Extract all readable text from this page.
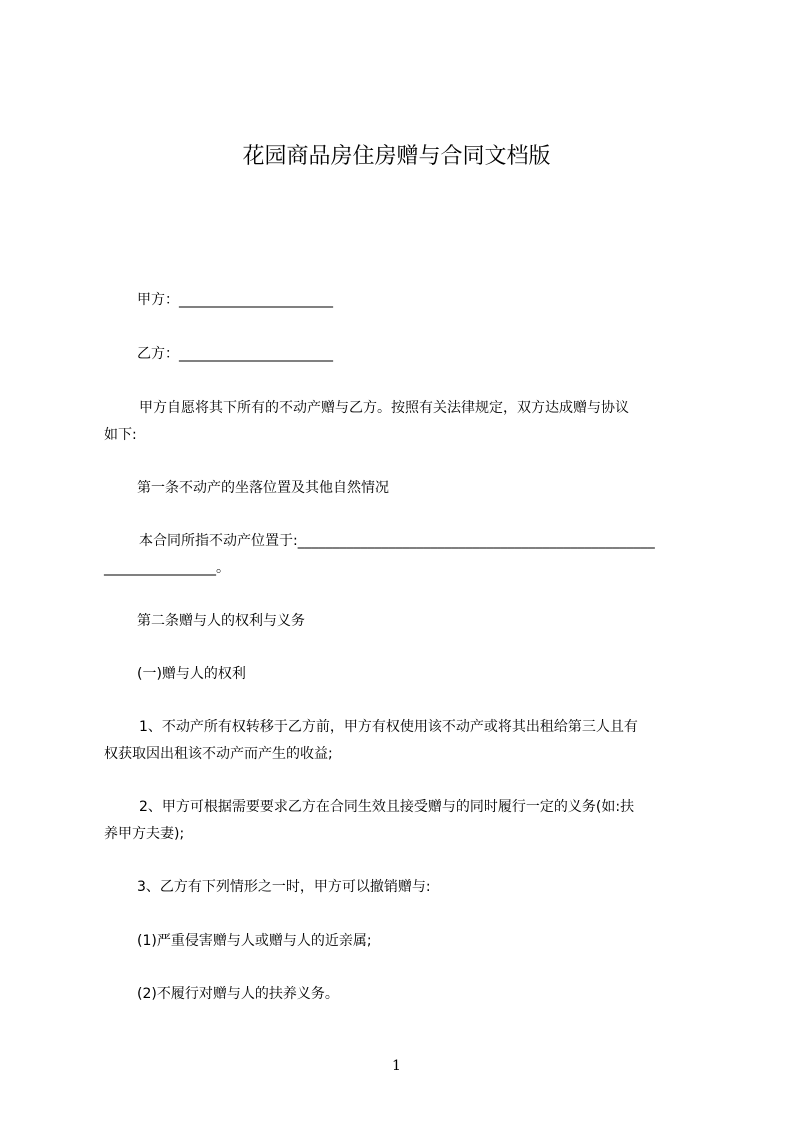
花园商品房住房赠与合同文档版
甲方：______________________
乙方：______________________

甲方自愿将其下所有的不动产赠与乙方。按照有关法律规定，双方达成赠与协议

如下:

第一条不动产的坐落位置及其他自然情况

本合同所指不动产位置于:___________________________________________________

________________。

第二条赠与人的权利与义务
(一)赠与人的权利

1、不动产所有权转移于乙方前，甲方有权使用该不动产或将其出租给第三人且有

权获取因出租该不动产而产生的收益;

2、甲方可根据需要要求乙方在合同生效且接受赠与的同时履行一定的义务(如:扶

养甲方夫妻);

3、乙方有下列情形之一时，甲方可以撤销赠与:
(1)严重侵害赠与人或赠与人的近亲属;
(2)不履行对赠与人的扶养义务。
1
